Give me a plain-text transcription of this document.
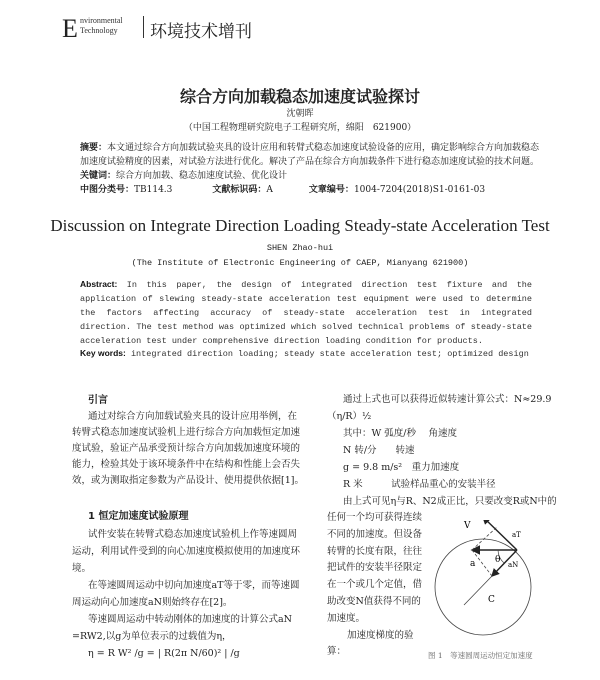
E nvironmental
Technology 环境技术增刊
综合方向加载稳态加速度试验探讨
沈朝晖
（中国工程物理研究院电子工程研究所，绵阳　621900）
摘要：本文通过综合方向加载试验夹具的设计应用和转臂式稳态加速度试验设备的应用，确定影响综合方向加载稳态加速度试验精度的因素，对试验方法进行优化。解决了产品在综合方向加载条件下进行稳态加速度试验的技术问题。
关键词：综合方向加载、稳态加速度试验、优化设计
中图分类号：TB114.3	文献标识码：A	文章编号：1004-7204(2018)S1-0161-03
Discussion on Integrate Direction Loading Steady-state Acceleration Test
SHEN Zhao-hui
(The Institute of Electronic Engineering of CAEP, Mianyang 621900)
Abstract: In this paper, the design of integrated direction test fixture and the application of slewing steady-state acceleration test equipment were used to determine the factors affecting accuracy of steady-state acceleration test in integrated direction. The test method was optimized which solved technical problems of steady-state acceleration test under comprehensive direction loading condition for products.
Key words: integrated direction loading; steady state acceleration test; optimized design
引言
通过对综合方向加载试验夹具的设计应用举例，在
转臂式稳态加速度试验机上进行综合方向加载恒定加速
度试验，验证产品承受预计综合方向加载加速度环境的
能力，检验其处于该环境条件中在结构和性能上会否失
效，或为测取指定参数为产品设计、使用提供依据[1]。
1 恒定加速度试验原理
试件安装在转臂式稳态加速度试验机上作等速圆周
运动，利用试件受到的向心加速度模拟使用的加速度环
境。
在等速圆周运动中切向加速度aT等于零，而等速圆
周运动向心加速度aN则始终存在[2]。
等速圆周运动中转动刚体的加速度的计算公式aN
=RW2,以g为单位表示的过载值为η，
η = R W² /g = | R(2π N/60)² | /g
通过上式也可以获得近似转速计算公式：N≈29.9
（η/R）½
其中：W 弧度/秒　 角速度
N 转/分　　转速
g = 9.8 m/s²　重力加速度
R 米　　　试验样品重心的安装半径
由上式可见η与R、N2成正比，只要改变R或N中的
任何一个均可获得连续
不同的加速度。但设备
转臂的长度有限，往往
把试件的安装半径限定
在一个或几个定值，借
助改变N值获得不同的
加速度。
加速度梯度的验
算：
V
aT
a θ aN
C
图 1　等速圆周运动恒定加速度
